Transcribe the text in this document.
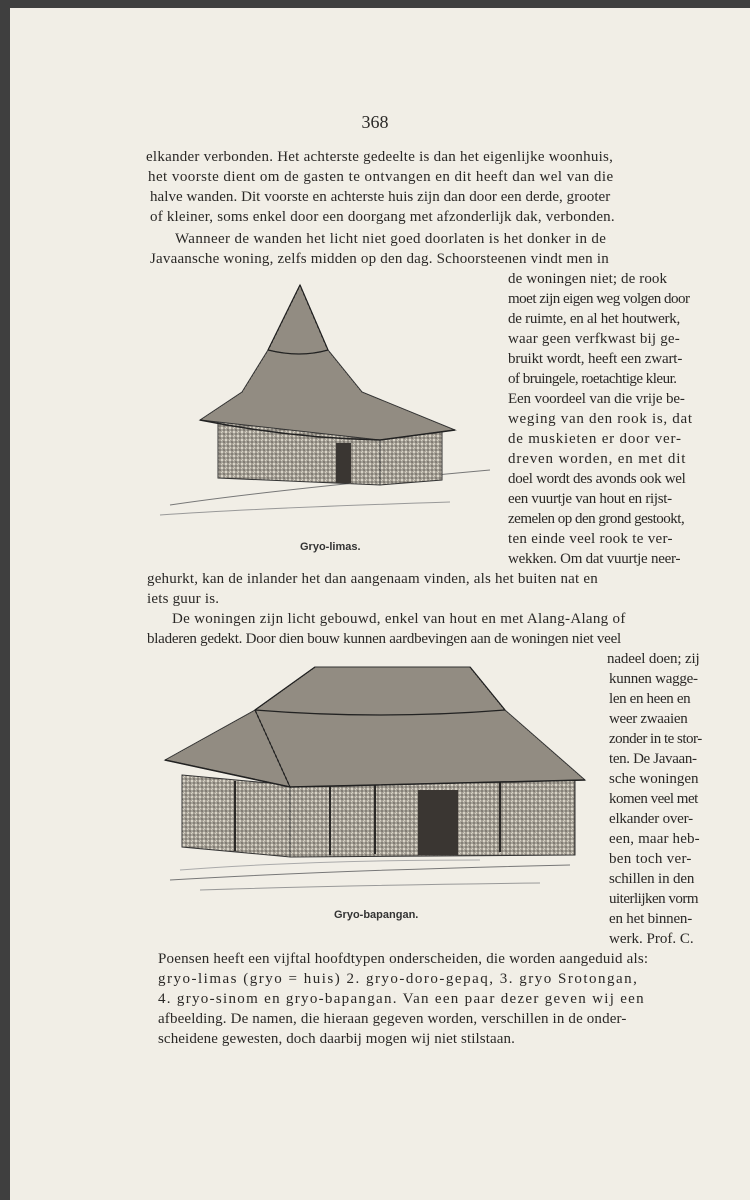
368
elkander verbonden. Het achterste gedeelte is dan het eigenlijke woonhuis,
het voorste dient om de gasten te ontvangen en dit heeft dan wel van die
halve wanden. Dit voorste en achterste huis zijn dan door een derde, grooter
of kleiner, soms enkel door een doorgang met afzonderlijk dak, verbonden.
Wanneer de wanden het licht niet goed doorlaten is het donker in de
Javaansche woning, zelfs midden op den dag. Schoorsteenen vindt men in
de woningen niet; de rook
moet zijn eigen weg volgen door
de ruimte, en al het houtwerk,
waar geen verfkwast bij ge-
bruikt wordt, heeft een zwart-
of bruingele, roetachtige kleur.
Een voordeel van die vrije be-
weging van den rook is, dat
de muskieten er door ver-
dreven worden, en met dit
doel wordt des avonds ook wel
een vuurtje van hout en rijst-
zemelen op den grond gestookt,
ten einde veel rook te ver-
wekken. Om dat vuurtje neer-
gehurkt, kan de inlander het dan aangenaam vinden, als het buiten nat en
iets guur is.
De woningen zijn licht gebouwd, enkel van hout en met Alang-Alang of
bladeren gedekt. Door dien bouw kunnen aardbevingen aan de woningen niet veel
nadeel doen; zij
kunnen wagge-
len en heen en
weer zwaaien
zonder in te stor-
ten. De Javaan-
sche woningen
komen veel met
elkander over-
een, maar heb-
ben toch ver-
schillen in den
uiterlijken vorm
en het binnen-
werk. Prof. C.
Poensen heeft een vijftal hoofdtypen onderscheiden, die worden aangeduid als:
gryo-limas (gryo = huis) 2. gryo-doro-gepaq, 3. gryo Srotongan,
4. gryo-sinom en gryo-bapangan. Van een paar dezer geven wij een
afbeelding. De namen, die hieraan gegeven worden, verschillen in de onder-
scheidene gewesten, doch daarbij mogen wij niet stilstaan.
Gryo-limas.
Gryo-bapangan.
